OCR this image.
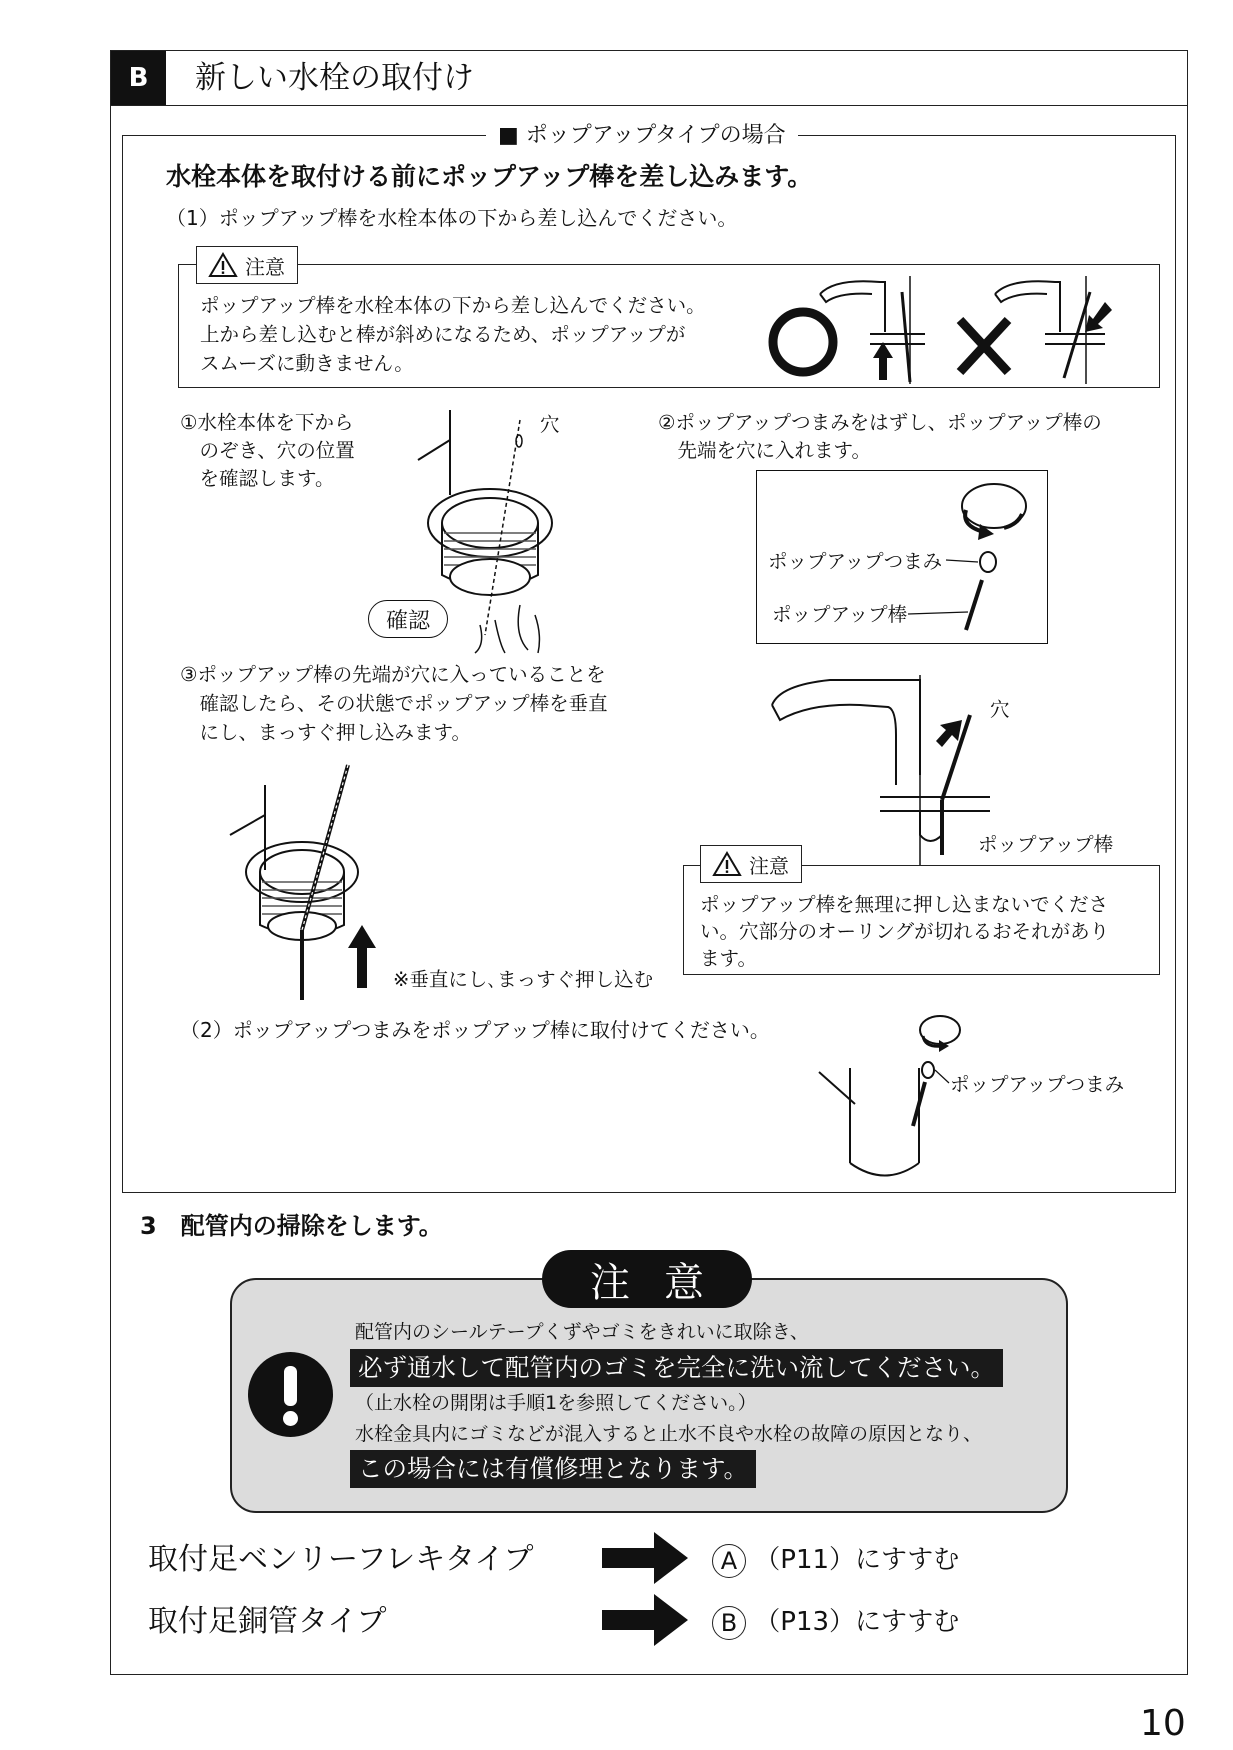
B	新しい水栓の取付け
■ ポップアップタイプの場合
水栓本体を取付ける前にポップアップ棒を差し込みます。
（1）ポップアップ棒を水栓本体の下から差し込んでください。
注意
ポップアップ棒を水栓本体の下から差し込んでください。
上から差し込むと棒が斜めになるため、ポップアップが
スムーズに動きません。
①水栓本体を下から
　のぞき、穴の位置
　を確認します。
穴
確認
②ポップアップつまみをはずし、ポップアップ棒の
　先端を穴に入れます。
ポップアップつまみ
ポップアップ棒
③ポップアップ棒の先端が穴に入っていることを
　確認したら、その状態でポップアップ棒を垂直
　にし、まっすぐ押し込みます。
※垂直にし､まっすぐ押し込む
穴
ポップアップ棒
注意
ポップアップ棒を無理に押し込まないでくださ
い。穴部分のオーリングが切れるおそれがあり
ます。
（2）ポップアップつまみをポップアップ棒に取付けてください。
ポップアップつまみ
3　配管内の掃除をします。
注意
配管内のシールテープくずやゴミをきれいに取除き、
必ず通水して配管内のゴミを完全に洗い流してください。
（止水栓の開閉は手順1を参照してください。）
水栓金具内にゴミなどが混入すると止水不良や水栓の故障の原因となり、
この場合には有償修理となります。
取付足ベンリーフレキタイプ	A （P11）にすすむ
取付足銅管タイプ	B （P13）にすすむ
10
